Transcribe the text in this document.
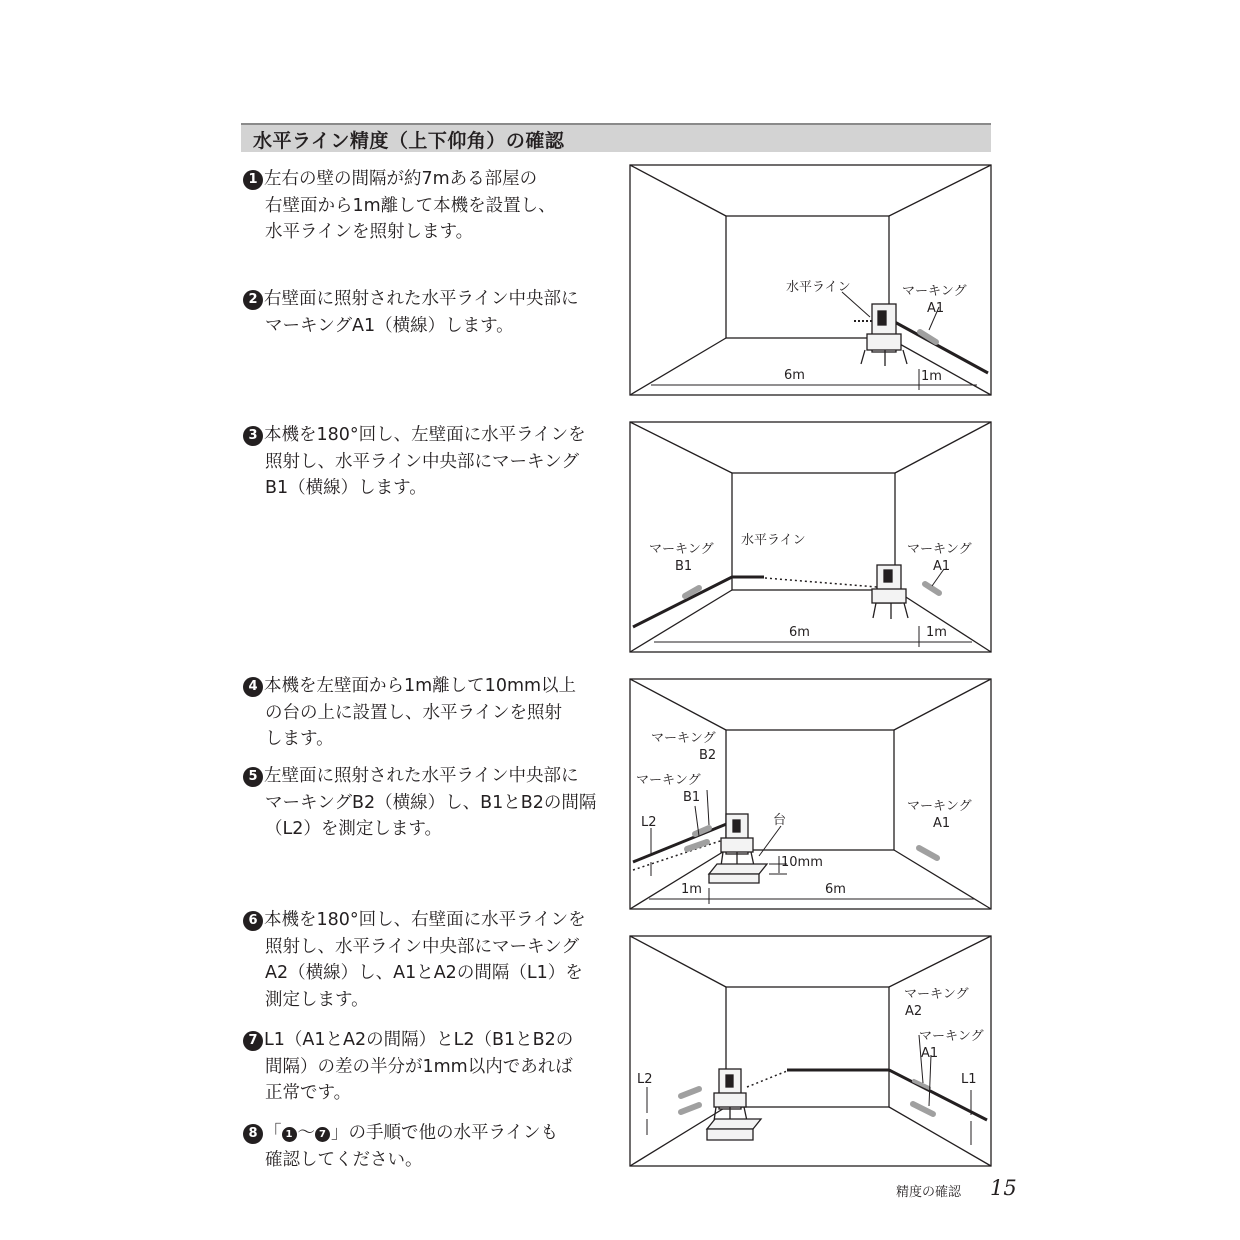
水平ライン精度（上下仰角）の確認
1 左右の壁の間隔が約7mある部屋の
右壁面から1m離して本機を設置し、
水平ラインを照射します。
2 右壁面に照射された水平ライン中央部に
マーキングA1（横線）します。
3 本機を180°回し、左壁面に水平ラインを
照射し、水平ライン中央部にマーキング
B1（横線）します。
4 本機を左壁面から1m離して10mm以上
の台の上に設置し、水平ラインを照射
します。
5 左壁面に照射された水平ライン中央部に
マーキングB2（横線）し、B1とB2の間隔
（L2）を測定します。
6 本機を180°回し、右壁面に水平ラインを
照射し、水平ライン中央部にマーキング
A2（横線）し、A1とA2の間隔（L1）を
測定します。
7 L1（A1とA2の間隔）とL2（B1とB2の
間隔）の差の半分が1mm以内であれば
正常です。
8 「 1 〜 7 」の手順で他の水平ラインも
確認してください。
水平ライン	マーキング
A1
6m	1m
マーキング
B1
水平ライン
マーキング
A1
6m	1m
マーキング
B2
マーキング
B1
L2	台
10mm
マーキング
A1
1m	6m
マーキング
A2
マーキング
A1
L2	L1
精度の確認 15
